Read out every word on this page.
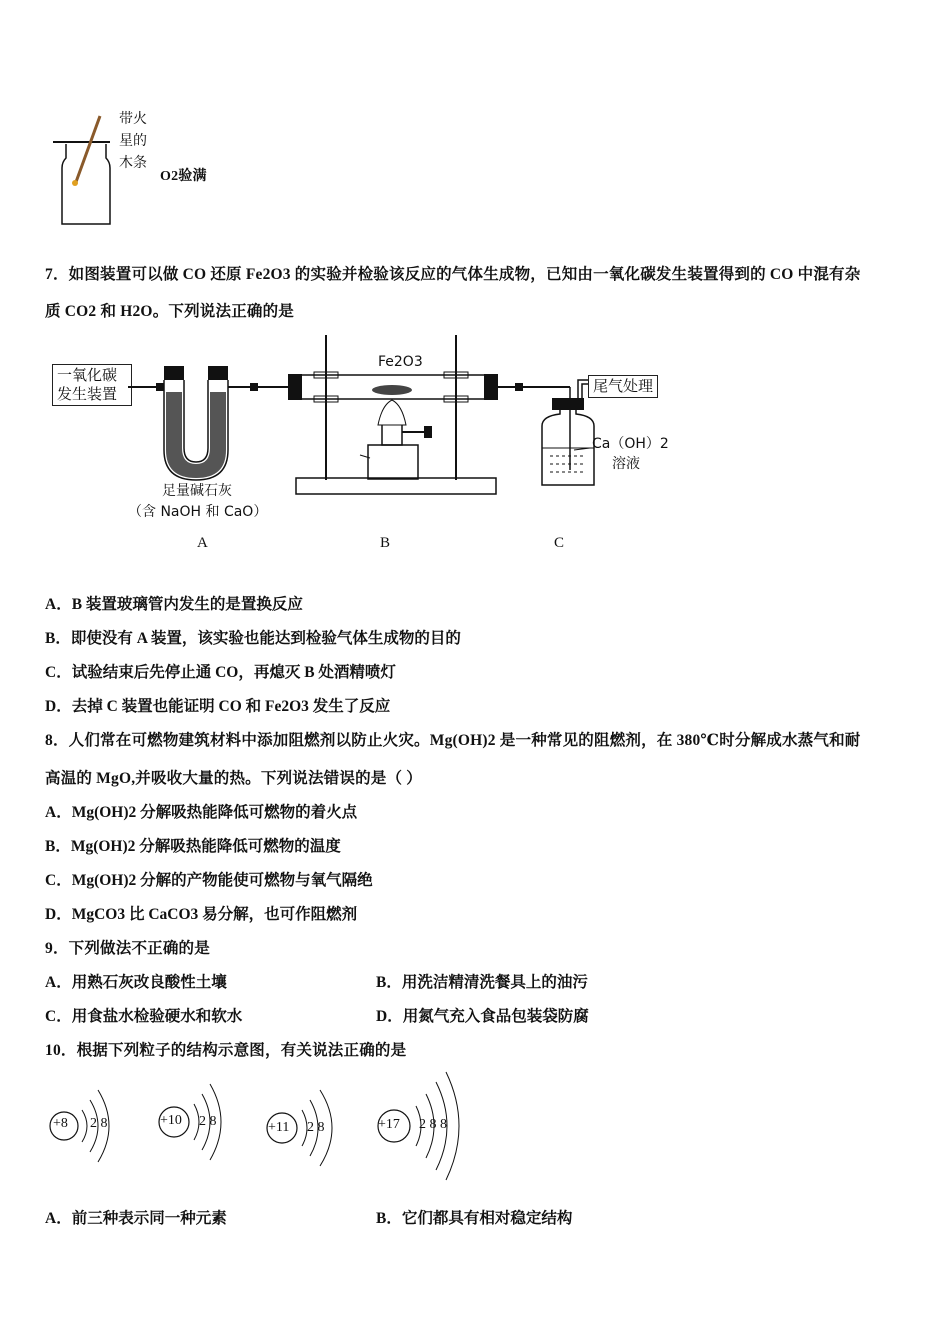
带火
星的
木条
O2验满
7．如图装置可以做 CO 还原 Fe2O3 的实验并检验该反应的气体生成物，已知由一氧化碳发生装置得到的 CO 中混有杂
质 CO2 和 H2O。下列说法正确的是
一氧化碳
发生装置
Fe2O3
尾气处理
Ca（OH）2
溶液
足量碱石灰
（含 NaOH 和 CaO）
A	B	C
A．B 装置玻璃管内发生的是置换反应
B．即使没有 A 装置，该实验也能达到检验气体生成物的目的
C．试验结束后先停止通 CO，再熄灭 B 处酒精喷灯
D．去掉 C 装置也能证明 CO 和 Fe2O3 发生了反应
8．人们常在可燃物建筑材料中添加阻燃剂以防止火灾。Mg(OH)2 是一种常见的阻燃剂，在 380℃时分解成水蒸气和耐
高温的 MgO,并吸收大量的热。下列说法错误的是（ ）
A．Mg(OH)2 分解吸热能降低可燃物的着火点
B．Mg(OH)2 分解吸热能降低可燃物的温度
C．Mg(OH)2 分解的产物能使可燃物与氧气隔绝
D．MgCO3 比 CaCO3 易分解，也可作阻燃剂
9．下列做法不正确的是
A．用熟石灰改良酸性土壤	B．用洗洁精清洗餐具上的油污
C．用食盐水检验硬水和软水	D．用氮气充入食品包装袋防腐
10．根据下列粒子的结构示意图，有关说法正确的是
+8 2 8	+10 2 8	+11 2 8	+17 2 8 8
A．前三种表示同一种元素	B．它们都具有相对稳定结构
